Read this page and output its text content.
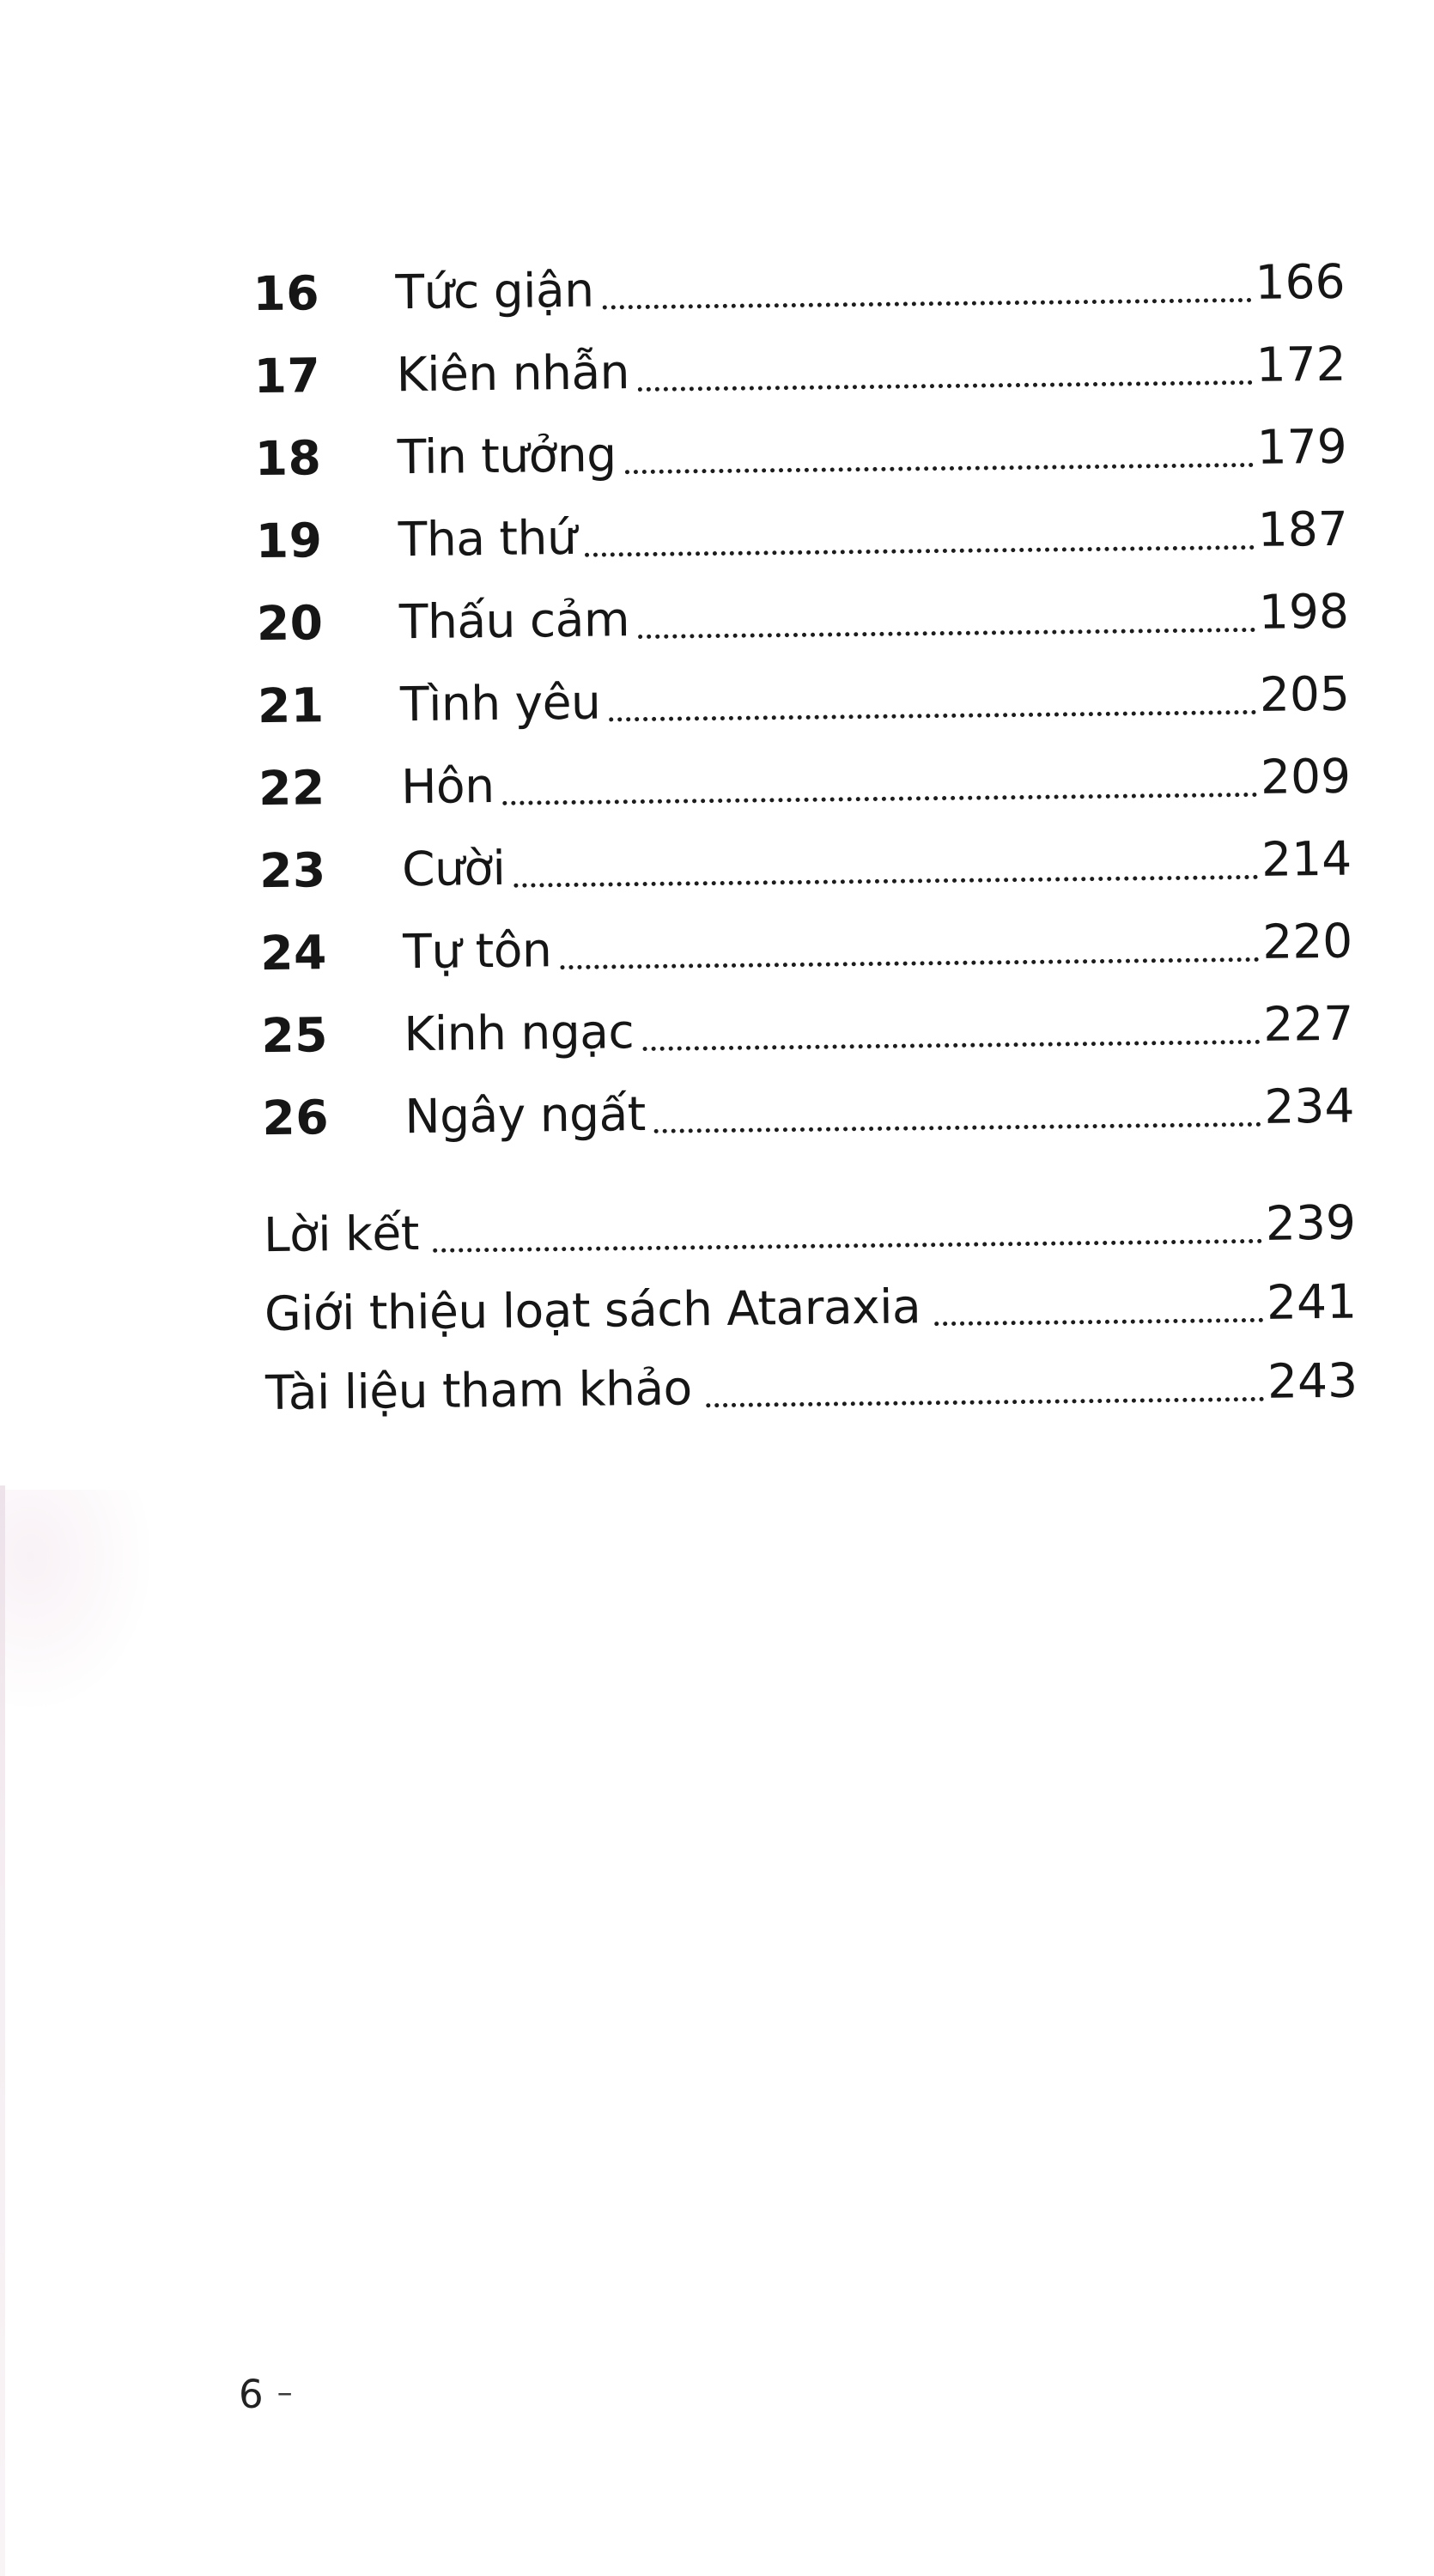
16	Tức giận	166
17	Kiên nhẫn	172
18	Tin tưởng	179
19	Tha thứ	187
20	Thấu cảm	198
21	Tình yêu	205
22	Hôn	209
23	Cười	214
24	Tự tôn	220
25	Kinh ngạc	227
26	Ngây ngất	234
Lời kết	239
Giới thiệu loạt sách Ataraxia	241
Tài liệu tham khảo	243
6 –
